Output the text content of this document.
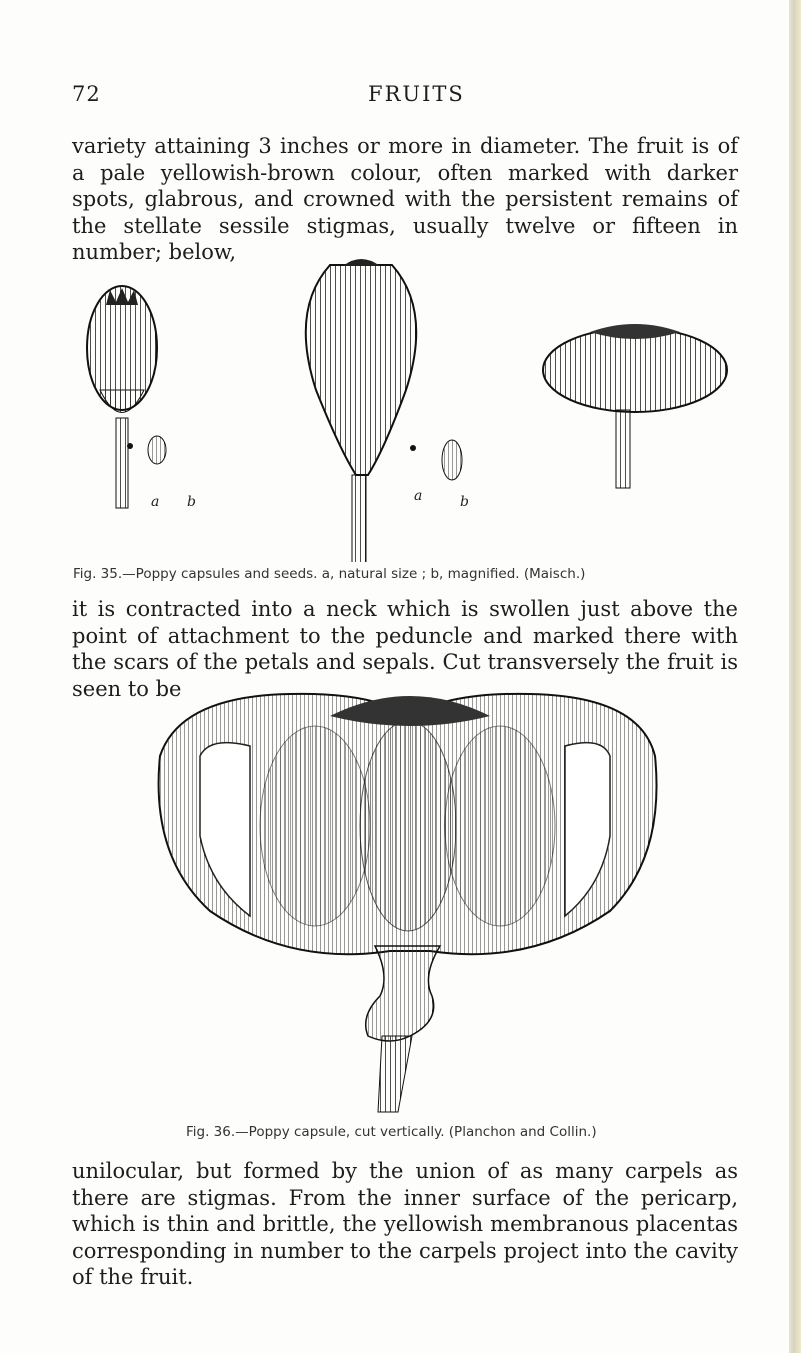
72	FRUITS

variety attaining 3 inches or more in diameter. The fruit is of a pale yellowish-brown colour, often marked with darker spots, glabrous, and crowned with the persistent remains of the stellate sessile stigmas, usually twelve or fifteen in number; below,

a b	a	b
Fig. 35.—Poppy capsules and seeds. a, natural size ; b, magnified. (Maisch.)

it is contracted into a neck which is swollen just above the point of attachment to the peduncle and marked there with the scars of the petals and sepals. Cut transversely the fruit is seen to be

Fig. 36.—Poppy capsule, cut vertically. (Planchon and Collin.)

unilocular, but formed by the union of as many carpels as there are stigmas. From the inner surface of the pericarp, which is thin and brittle, the yellowish membranous placentas corresponding in number to the carpels project into the cavity of the fruit.
